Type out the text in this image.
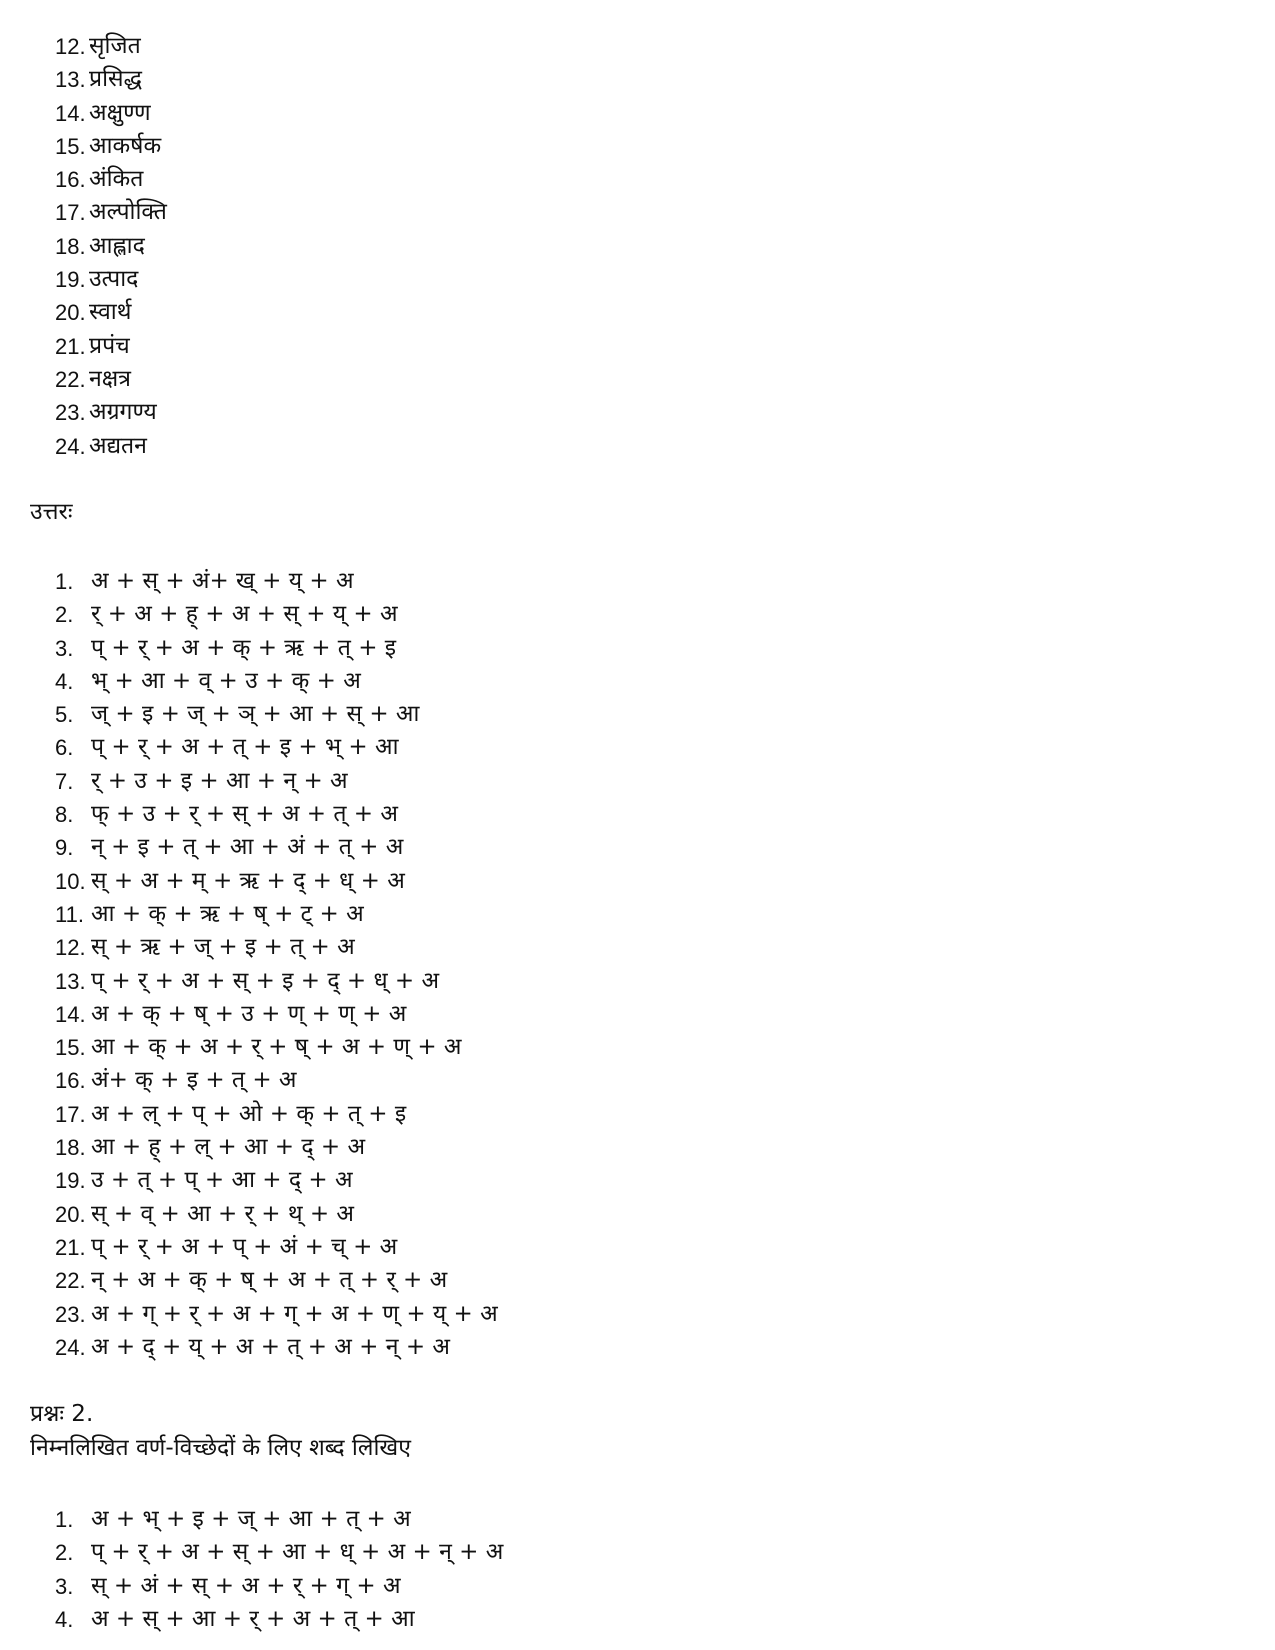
12. सृजित
13. प्रसिद्ध
14. अक्षुण्ण
15. आकर्षक
16. अंकित
17. अल्पोक्ति
18. आह्लाद
19. उत्पाद
20. स्वार्थ
21. प्रपंच
22. नक्षत्र
23. अग्रगण्य
24. अद्यतन
उत्तरः
1. अ + स् + अं+ ख् + य् + अ
2. र् + अ + ह् + अ + स् + य् + अ
3. प् + र् + अ + क् + ऋ + त् + इ
4. भ् + आ + व् + उ + क् + अ
5. ज् + इ + ज् + ञ् + आ + स् + आ
6. प् + र् + अ + त् + इ + भ् + आ
7. र् + उ + इ + आ + न् + अ
8. फ् + उ + र् + स् + अ + त् + अ
9. न् + इ + त् + आ + अं + त् + अ
10. स् + अ + म् + ऋ + द् + ध् + अ
11. आ + क् + ऋ + ष् + ट् + अ
12. स् + ऋ + ज् + इ + त् + अ
13. प् + र् + अ + स् + इ + द् + ध् + अ
14. अ + क् + ष् + उ + ण् + ण् + अ
15. आ + क् + अ + र् + ष् + अ + ण् + अ
16. अं+ क् + इ + त् + अ
17. अ + ल् + प् + ओ + क् + त् + इ
18. आ + ह् + ल् + आ + द् + अ
19. उ + त् + प् + आ + द् + अ
20. स् + व् + आ + र् + थ् + अ
21. प् + र् + अ + प् + अं + च् + अ
22. न् + अ + क् + ष् + अ + त् + र् + अ
23. अ + ग् + र् + अ + ग् + अ + ण् + य् + अ
24. अ + द् + य् + अ + त् + अ + न् + अ
प्रश्नः 2.
निम्नलिखित वर्ण-विच्छेदों के लिए शब्द लिखिए
1. अ + भ् + इ + ज् + आ + त् + अ
2. प् + र् + अ + स् + आ + ध् + अ + न् + अ
3. स् + अं + स् + अ + र् + ग् + अ
4. अ + स् + आ + र् + अ + त् + आ
